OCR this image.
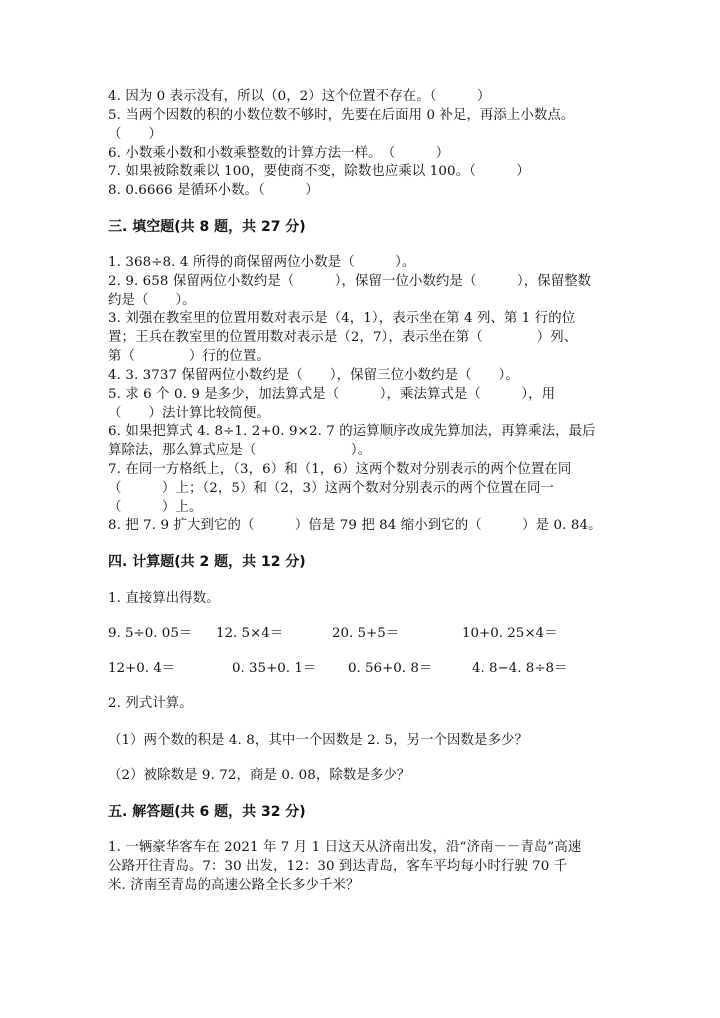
4. 因为 0 表示没有，所以（0，2）这个位置不存在。（　　　）
5. 当两个因数的积的小数位数不够时，先要在后面用 0 补足，再添上小数点。
（　　）
6. 小数乘小数和小数乘整数的计算方法一样。　（　　　）
7. 如果被除数乘以 100，要使商不变，除数也应乘以 100。（　　　）
8. 0.6666 是循环小数。（　　　）
三. 填空题(共 8 题，共 27 分)
1. 368÷8. 4 所得的商保留两位小数是（　　　）。
2. 9. 658 保留两位小数约是（　　　），保留一位小数约是（　　　），保留整数
约是（　　）。
3. 刘强在教室里的位置用数对表示是（4，1），表示坐在第 4 列、第 1 行的位
置；王兵在教室里的位置用数对表示是（2，7），表示坐在第（　　　　）列、
第（　　　　）行的位置。
4. 3. 3737 保留两位小数约是（　　），保留三位小数约是（　　）。
5. 求 6 个 0. 9 是多少，加法算式是（　　　），乘法算式是（　　　），用
（　　）法计算比较简便。
6. 如果把算式 4. 8÷1. 2+0. 9×2. 7 的运算顺序改成先算加法，再算乘法，最后
算除法，那么算式应是（　　　　　　　）。
7. 在同一方格纸上，（3，6）和（1，6）这两个数对分别表示的两个位置在同
（　　　）上；（2，5）和（2，3）这两个数对分别表示的两个位置在同一
（　　　）上。
8. 把 7. 9 扩大到它的（　　　）倍是 79 把 84 缩小到它的（　　　）是 0. 84。
四. 计算题(共 2 题，共 12 分)
1. 直接算出得数。
9. 5÷0. 05＝ 12. 5×4＝	20. 5+5＝	10+0. 25×4＝
12+0. 4＝	0. 35+0. 1＝ 0. 56+0. 8＝	4. 8−4. 8÷8＝
2. 列式计算。
（1）两个数的积是 4. 8，其中一个因数是 2. 5，另一个因数是多少？
（2）被除数是 9. 72，商是 0. 08，除数是多少？
五. 解答题(共 6 题，共 32 分)
1. 一辆豪华客车在 2021 年 7 月 1 日这天从济南出发，沿“济南－－青岛”高速
公路开往青岛。7：30 出发，12：30 到达青岛，客车平均每小时行驶 70 千
米. 济南至青岛的高速公路全长多少千米？
